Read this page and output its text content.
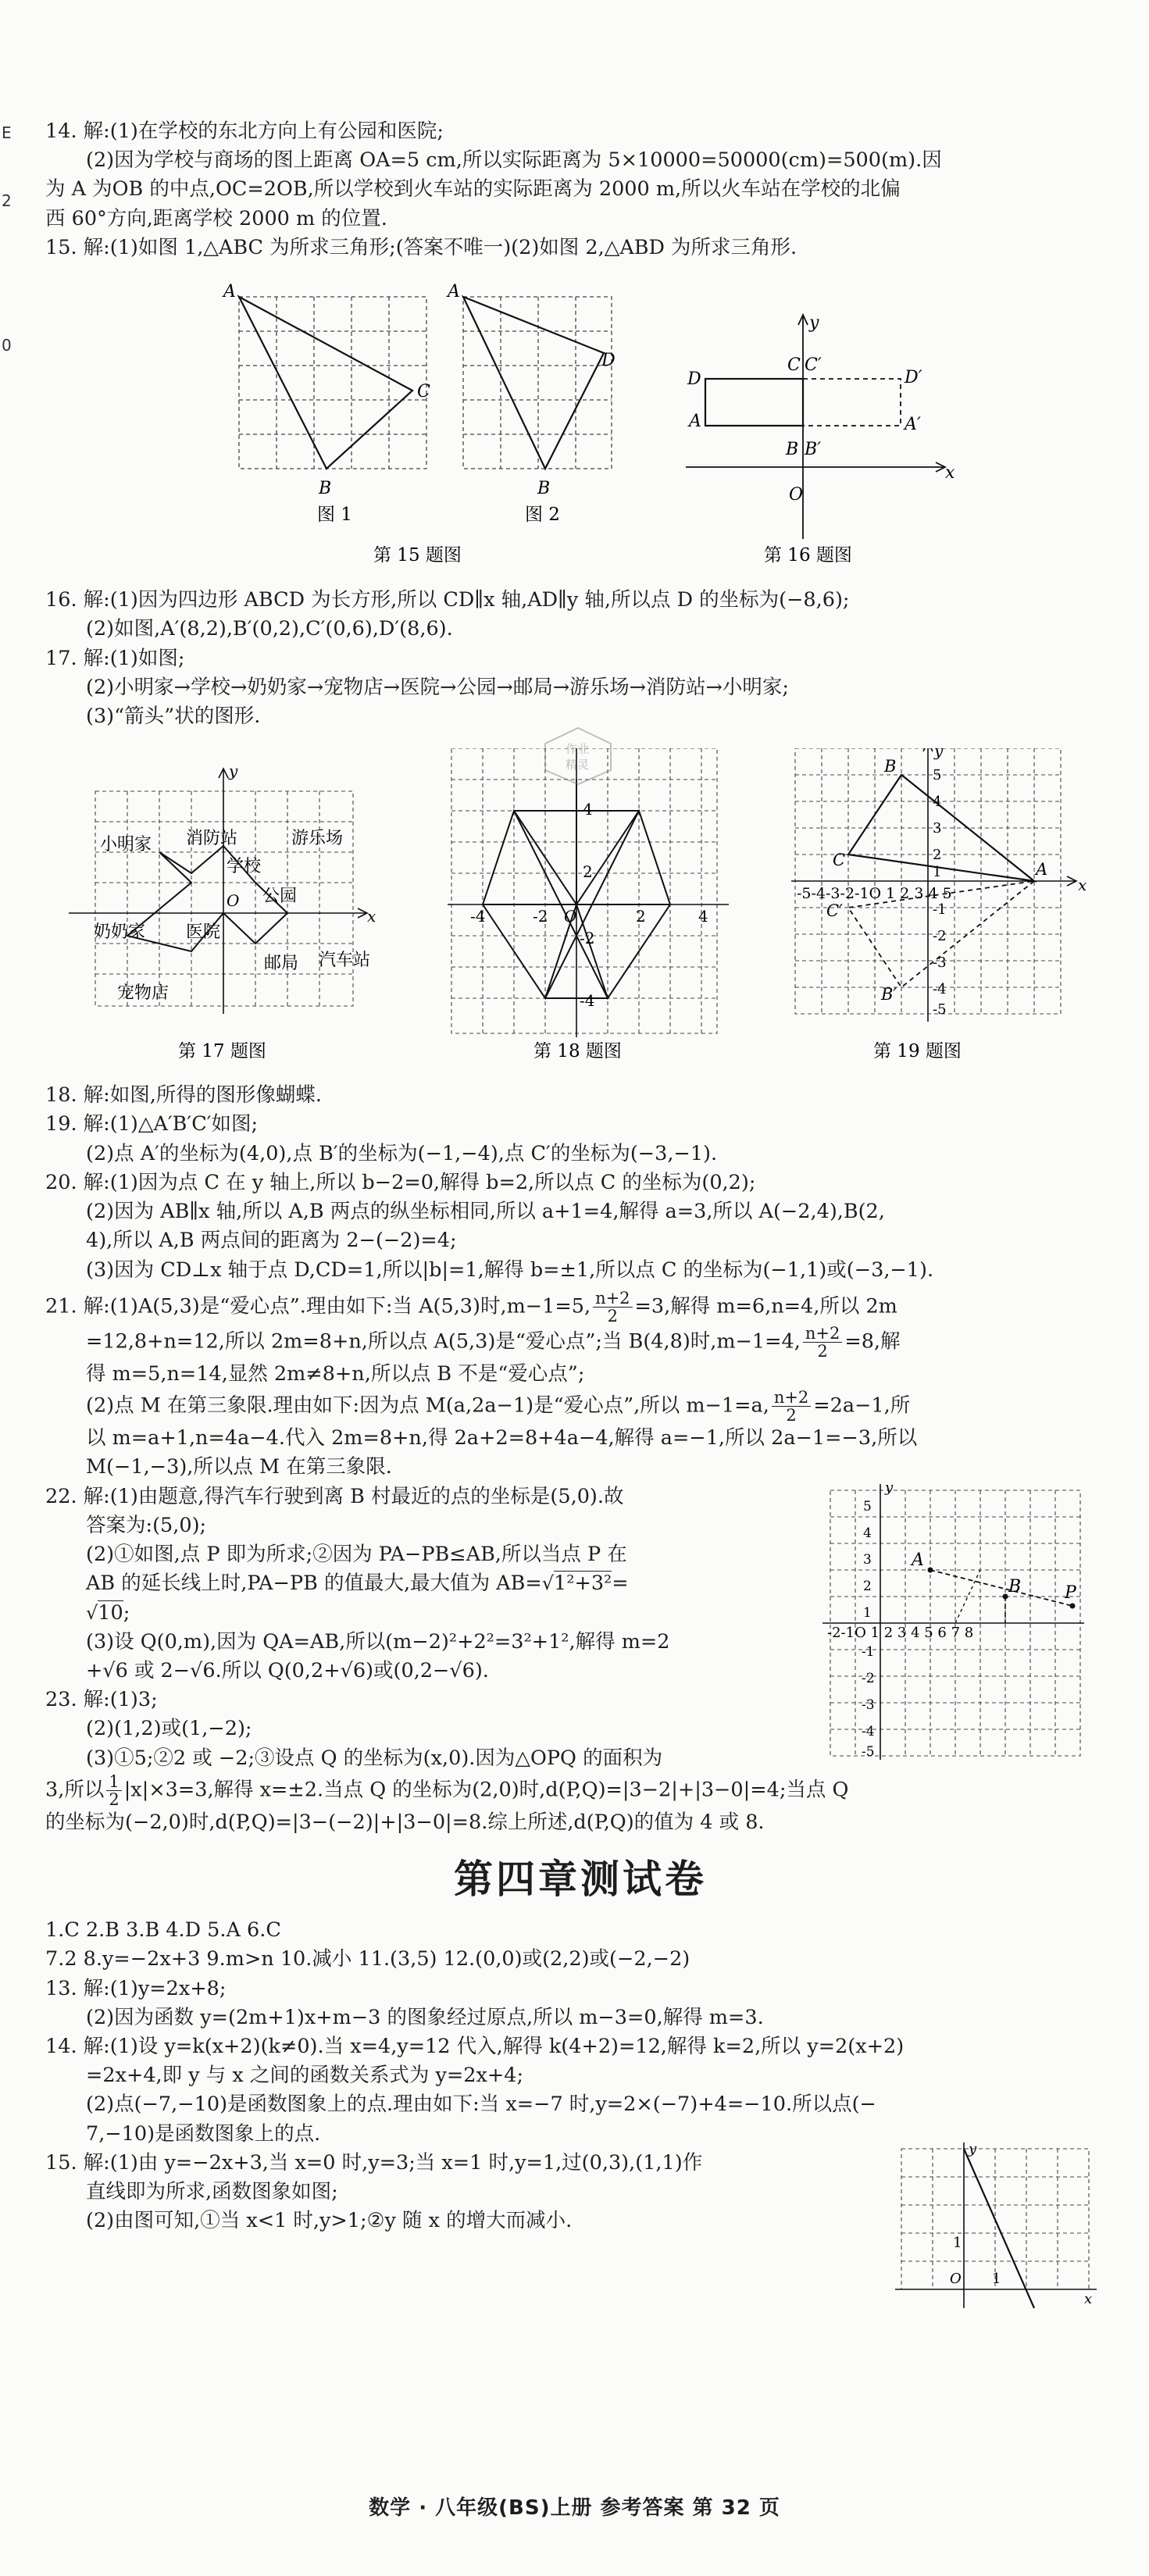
E
2
0

14. 解:(1)在学校的东北方向上有公园和医院;

(2)因为学校与商场的图上距离 OA=5 cm,所以实际距离为 5×10000=50000(cm)=500(m).因

为 A 为OB 的中点,OC=2OB,所以学校到火车站的实际距离为 2000 m,所以火车站在学校的北偏

西 60°方向,距离学校 2000 m 的位置.

15. 解:(1)如图 1,△ABC 为所求三角形;(答案不唯一)(2)如图 2,△ABD 为所求三角形.

A
C
B
图 1
A
D
B
图 2
第 15 题图
y
x
O
D
C C′
D′
A	A′
B B′
第 16 题图

16. 解:(1)因为四边形 ABCD 为长方形,所以 CD∥x 轴,AD∥y 轴,所以点 D 的坐标为(−8,6);

(2)如图,A′(8,2),B′(0,2),C′(0,6),D′(8,6).

17. 解:(1)如图;

(2)小明家→学校→奶奶家→宠物店→医院→公园→邮局→游乐场→消防站→小明家;

(3)“箭头”状的图形.

y
x
O
小明家 消防站	游乐场
学校
公园
奶奶家 医院
邮局 汽车站
宠物店
第 17 题图
4
2
-2
-4
-4	-2 O	2	4
第 18 题图
B
C	A
C′
B′
-5-4-3-2-1O 1 2 3 4 5
5
4
3
2
1
-1
-2
-3
-4
-5
y
x
第 19 题图
作业
精灵

18. 解:如图,所得的图形像蝴蝶.

19. 解:(1)△A′B′C′如图;

(2)点 A′的坐标为(4,0),点 B′的坐标为(−1,−4),点 C′的坐标为(−3,−1).

20. 解:(1)因为点 C 在 y 轴上,所以 b−2=0,解得 b=2,所以点 C 的坐标为(0,2);

(2)因为 AB∥x 轴,所以 A,B 两点的纵坐标相同,所以 a+1=4,解得 a=3,所以 A(−2,4),B(2,

4),所以 A,B 两点间的距离为 2−(−2)=4;

(3)因为 CD⊥x 轴于点 D,CD=1,所以|b|=1,解得 b=±1,所以点 C 的坐标为(−1,1)或(−3,−1).

21. 解:(1)A(5,3)是“爱心点”.理由如下:当 A(5,3)时,m−1=5, $\frac{n+2}{2} =3$,解得 m=6,n=4,所以 2m

=12,8+n=12,所以 2m=8+n,所以点 A(5,3)是“爱心点”;当 B(4,8)时,m−1=4, $\frac{n+2}{2} =8$,解

得 m=5,n=14,显然 2m≠8+n,所以点 B 不是“爱心点”;

(2)点 M 在第三象限.理由如下:因为点 M(a,2a−1)是“爱心点”,所以 m−1=a, $\frac{n+2}{2} =2a-1$,所

以 m=a+1,n=4a−4.代入 2m=8+n,得 2a+2=8+4a−4,解得 a=−1,所以 2a−1=−3,所以

M(−1,−3),所以点 M 在第三象限.

22. 解:(1)由题意,得汽车行驶到离 B 村最近的点的坐标是(5,0).故

答案为:(5,0);

(2)①如图,点 P 即为所求;②因为 PA−PB≤AB,所以当点 P 在

AB 的延长线上时,PA−PB 的值最大,最大值为 AB=√1²+3²=

√10;

(3)设 Q(0,m),因为 QA=AB,所以(m−2)²+2²=3²+1²,解得 m=2

+√6 或 2−√6.所以 Q(0,2+√6)或(0,2−√6).

23. 解:(1)3;

(2)(1,2)或(1,−2);

(3)①5;②2 或 −2;③设点 Q 的坐标为(x,0).因为△OPQ 的面积为

A
B	P
y
-2-1O 1 2 3 4 5 6 7 8
5
4
3
2
1
-1
-2
-3
-4
-5

3,所以 $\frac{1}{2} |x|\times 3=3$,解得 x=±2.当点 Q 的坐标为(2,0)时,d(P,Q)=|3−2|+|3−0|=4;当点 Q

的坐标为(−2,0)时,d(P,Q)=|3−(−2)|+|3−0|=8.综上所述,d(P,Q)的值为 4 或 8.

第四章测试卷

1.C 2.B 3.B 4.D 5.A 6.C

7.2 8.y=−2x+3 9.m>n 10.减小 11.(3,5) 12.(0,0)或(2,2)或(−2,−2)

13. 解:(1)y=2x+8;

(2)因为函数 y=(2m+1)x+m−3 的图象经过原点,所以 m−3=0,解得 m=3.

14. 解:(1)设 y=k(x+2)(k≠0).当 x=4,y=12 代入,解得 k(4+2)=12,解得 k=2,所以 y=2(x+2)

=2x+4,即 y 与 x 之间的函数关系式为 y=2x+4;

(2)点(−7,−10)是函数图象上的点.理由如下:当 x=−7 时,y=2×(−7)+4=−10.所以点(−

7,−10)是函数图象上的点.

15. 解:(1)由 y=−2x+3,当 x=0 时,y=3;当 x=1 时,y=1,过(0,3),(1,1)作

直线即为所求,函数图象如图;

(2)由图可知,①当 x<1 时,y>1;②y 随 x 的增大而减小.

y
x
O 1
1
数学 · 八年级(BS)上册 参考答案 第 32 页
